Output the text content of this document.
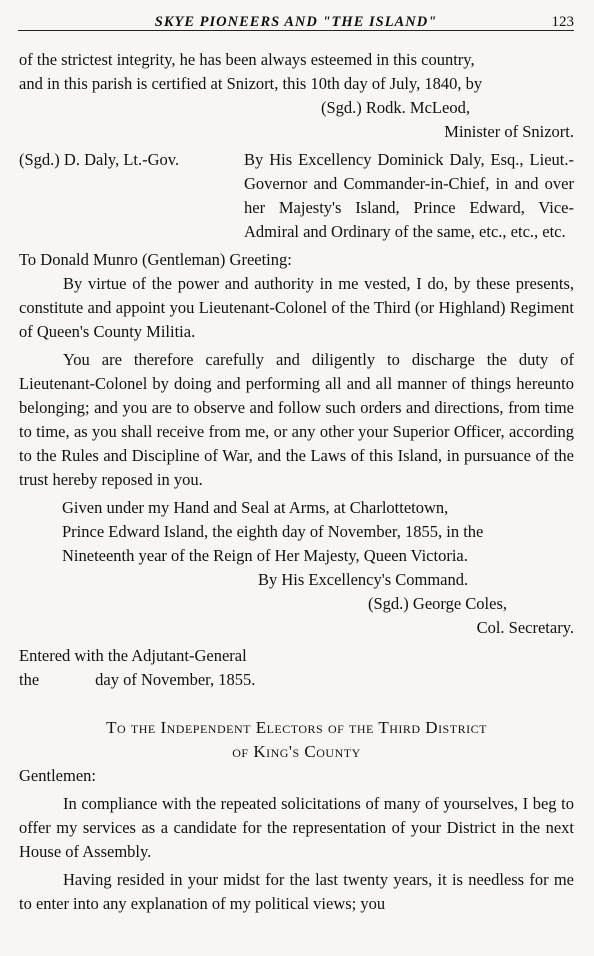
SKYE PIONEERS AND "THE ISLAND"	123
of the strictest integrity, he has been always esteemed in this country,
and in this parish is certified at Snizort, this 10th day of July, 1840, by
(Sgd.) Rodk. McLeod,
Minister of Snizort.
(Sgd.) D. Daly, Lt.-Gov.	By His Excellency Dominick Daly, Esq., Lieut.-Governor and Commander-in-Chief, in and over her Majesty's Island, Prince Edward, Vice-Admiral and Ordinary of the same, etc., etc., etc.
To Donald Munro (Gentleman) Greeting:

By virtue of the power and authority in me vested, I do, by these presents, constitute and appoint you Lieutenant-Colonel of the Third (or Highland) Regiment of Queen's County Militia.

You are therefore carefully and diligently to discharge the duty of Lieutenant-Colonel by doing and performing all and all manner of things hereunto belonging; and you are to observe and follow such orders and directions, from time to time, as you shall receive from me, or any other your Superior Officer, according to the Rules and Discipline of War, and the Laws of this Island, in pursuance of the trust hereby reposed in you.

Given under my Hand and Seal at Arms, at Charlottetown,
Prince Edward Island, the eighth day of November, 1855, in the
Nineteenth year of the Reign of Her Majesty, Queen Victoria.
By His Excellency's Command.
(Sgd.) George Coles,
Col. Secretary.
Entered with the Adjutant-General
the	day of November, 1855.
To the Independent Electors of the Third District
of King's County
Gentlemen:

In compliance with the repeated solicitations of many of yourselves, I beg to offer my services as a candidate for the representation of your District in the next House of Assembly.

Having resided in your midst for the last twenty years, it is needless for me to enter into any explanation of my political views; you
